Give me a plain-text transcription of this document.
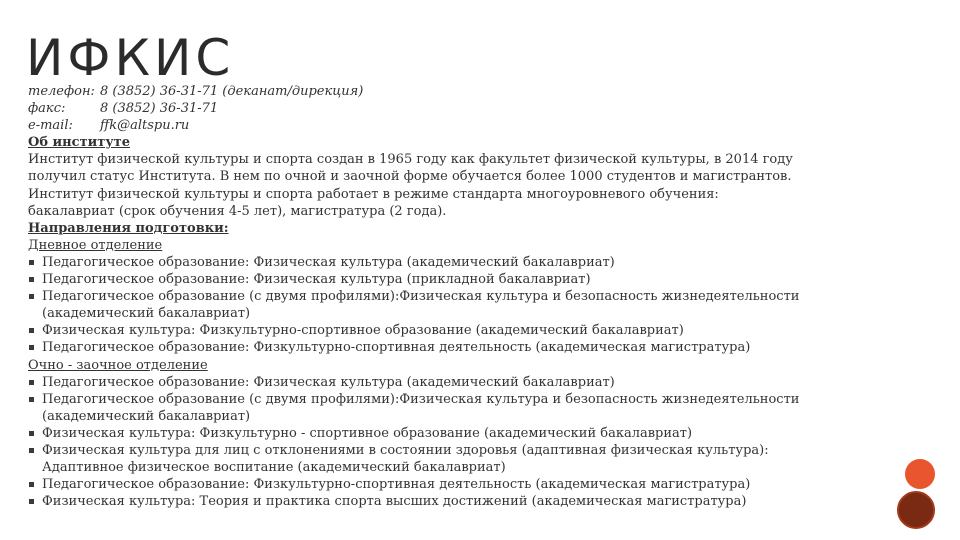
ИФКИС
телефон: 8 (3852) 36-31-71 (деканат/дирекция)
факс:	8 (3852) 36-31-71
e-mail: ffk@altspu.ru
Об институте
Институт физической культуры и спорта создан в 1965 году как факультет физической культуры, в 2014 году
получил статус Института. В нем по очной и заочной форме обучается более 1000 студентов и магистрантов.
Институт физической культуры и спорта работает в режиме стандарта многоуровневого обучения:
бакалавриат (срок обучения 4-5 лет), магистратура (2 года).
Направления подготовки:
Дневное отделение
Педагогическое образование: Физическая культура (академический бакалавриат)
Педагогическое образование: Физическая культура (прикладной бакалавриат)
Педагогическое образование (с двумя профилями):Физическая культура и безопасность жизнедеятельности
(академический бакалавриат)
Физическая культура: Физкультурно-спортивное образование (академический бакалавриат)
Педагогическое образование: Физкультурно-спортивная деятельность (академическая магистратура)
Очно - заочное отделение
Педагогическое образование: Физическая культура (академический бакалавриат)
Педагогическое образование (с двумя профилями):Физическая культура и безопасность жизнедеятельности
(академический бакалавриат)
Физическая культура: Физкультурно - спортивное образование (академический бакалавриат)
Физическая культура для лиц с отклонениями в состоянии здоровья (адаптивная физическая культура):
Адаптивное физическое воспитание (академический бакалавриат)
Педагогическое образование: Физкультурно-спортивная деятельность (академическая магистратура)
Физическая культура: Теория и практика спорта высших достижений (академическая магистратура)
